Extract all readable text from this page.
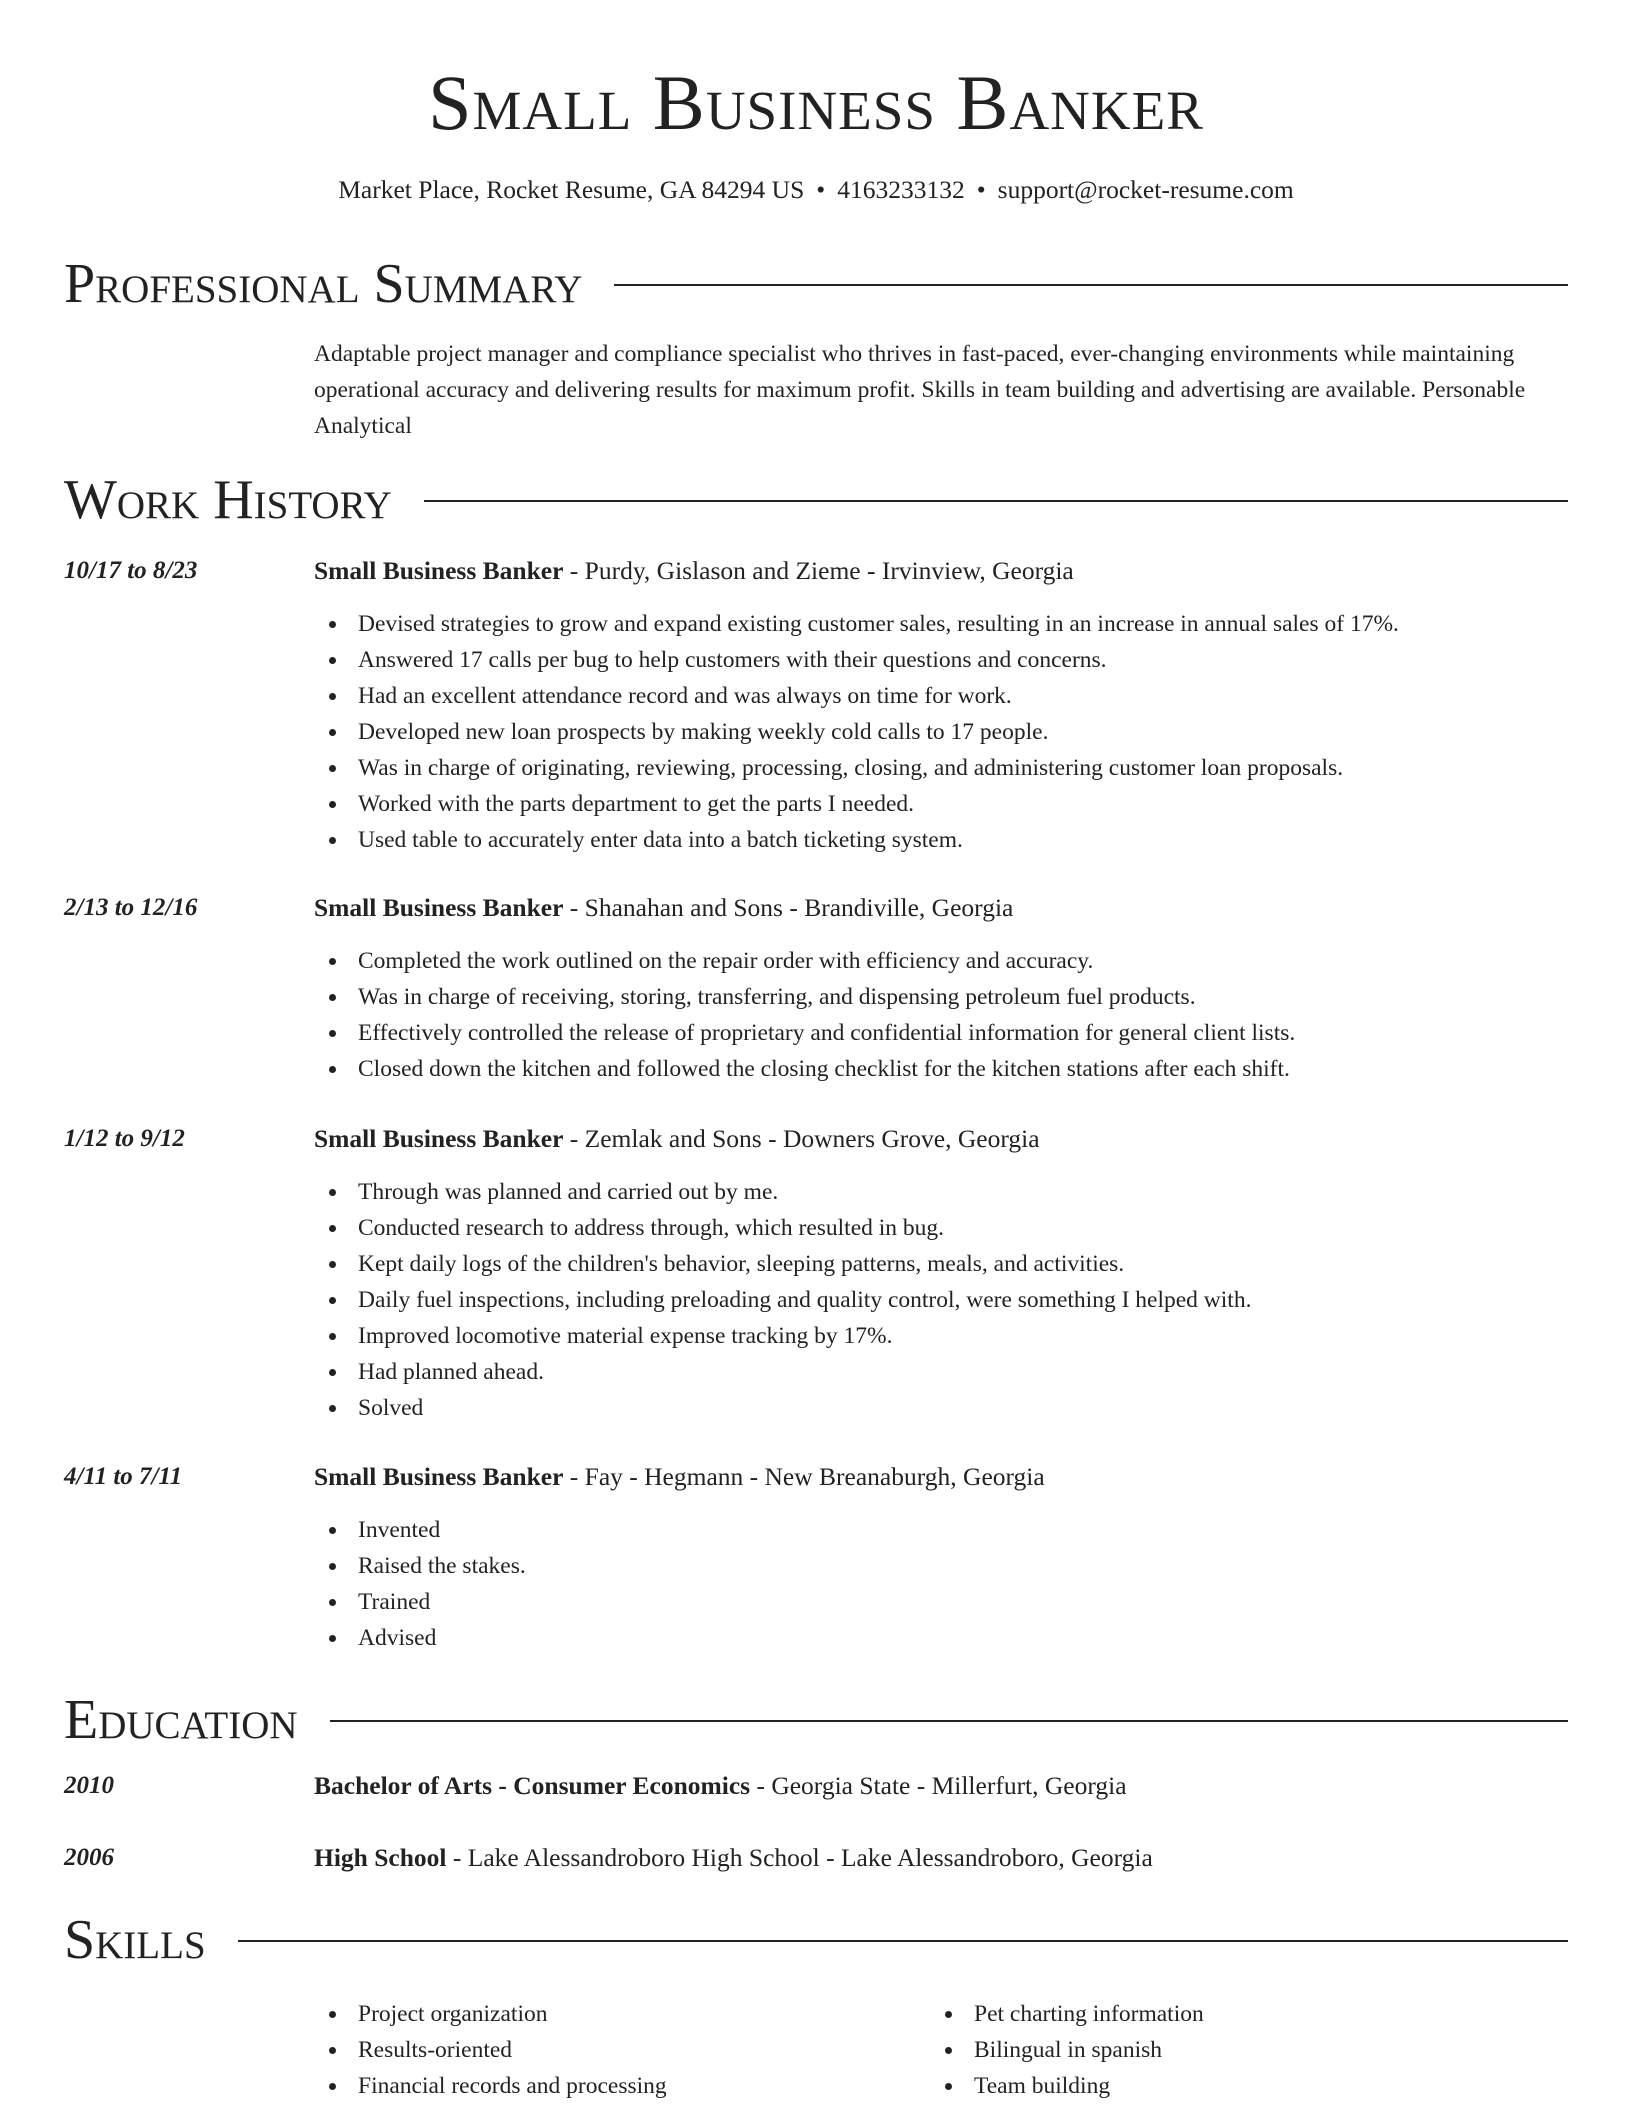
Small Business Banker
Market Place, Rocket Resume, GA 84294 US • 4163233132 • support@rocket-resume.com
Professional Summary
Adaptable project manager and compliance specialist who thrives in fast-paced, ever-changing environments while maintaining operational accuracy and delivering results for maximum profit. Skills in team building and advertising are available. Personable Analytical
Work History
10/17 to 8/23	Small Business Banker - Purdy, Gislason and Zieme - Irvinview, Georgia
Devised strategies to grow and expand existing customer sales, resulting in an increase in annual sales of 17%.
Answered 17 calls per bug to help customers with their questions and concerns.
Had an excellent attendance record and was always on time for work.
Developed new loan prospects by making weekly cold calls to 17 people.
Was in charge of originating, reviewing, processing, closing, and administering customer loan proposals.
Worked with the parts department to get the parts I needed.
Used table to accurately enter data into a batch ticketing system.
2/13 to 12/16	Small Business Banker - Shanahan and Sons - Brandiville, Georgia
Completed the work outlined on the repair order with efficiency and accuracy.
Was in charge of receiving, storing, transferring, and dispensing petroleum fuel products.
Effectively controlled the release of proprietary and confidential information for general client lists.
Closed down the kitchen and followed the closing checklist for the kitchen stations after each shift.
1/12 to 9/12	Small Business Banker - Zemlak and Sons - Downers Grove, Georgia
Through was planned and carried out by me.
Conducted research to address through, which resulted in bug.
Kept daily logs of the children's behavior, sleeping patterns, meals, and activities.
Daily fuel inspections, including preloading and quality control, were something I helped with.
Improved locomotive material expense tracking by 17%.
Had planned ahead.
Solved
4/11 to 7/11	Small Business Banker - Fay - Hegmann - New Breanaburgh, Georgia
Invented
Raised the stakes.
Trained
Advised
Education
2010	Bachelor of Arts - Consumer Economics - Georgia State - Millerfurt, Georgia
2006	High School - Lake Alessandroboro High School - Lake Alessandroboro, Georgia
Skills
Project organization
Results-oriented
Financial records and processing
Pet charting information
Bilingual in spanish
Team building
